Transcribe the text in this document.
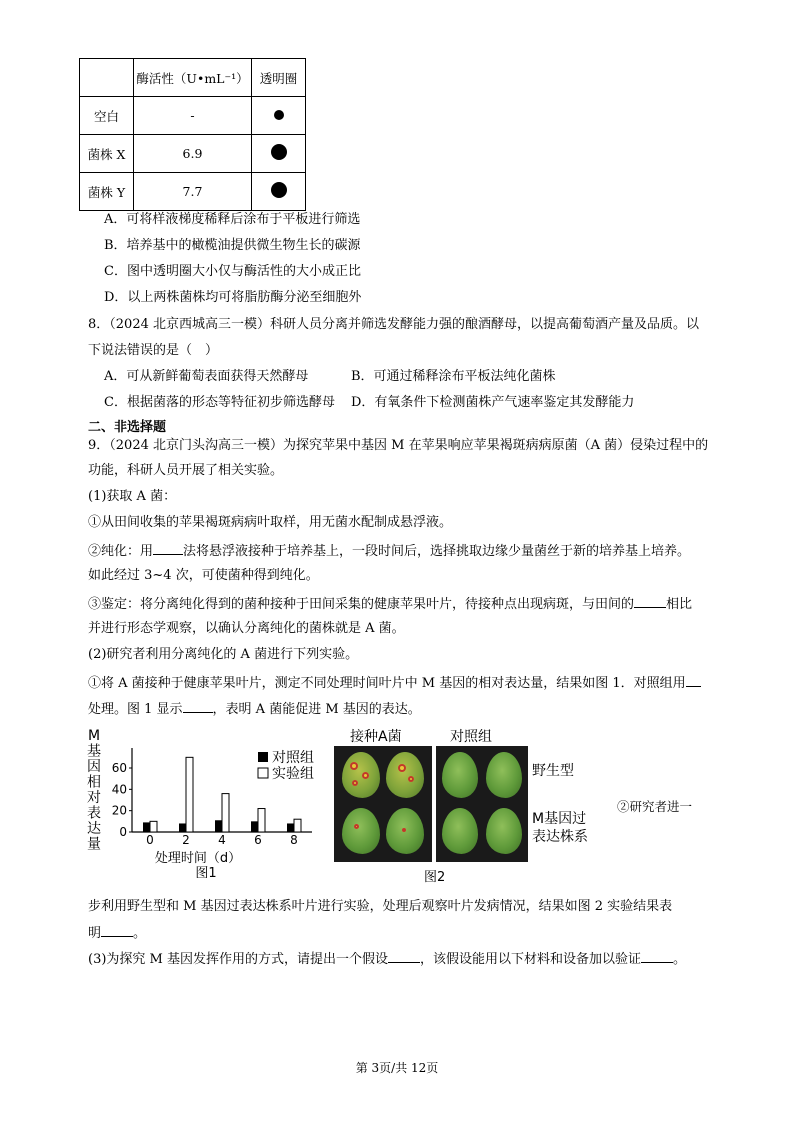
	酶活性（U•mL⁻¹）	透明圈
空白	-	
菌株 X	6.9	
菌株 Y	7.7	
A．可将样液梯度稀释后涂布于平板进行筛选
B．培养基中的橄榄油提供微生物生长的碳源
C．图中透明圈大小仅与酶活性的大小成正比
D．以上两株菌株均可将脂肪酶分泌至细胞外
8．（2024 北京西城高三一模）科研人员分离并筛选发酵能力强的酿酒酵母，以提高葡萄酒产量及品质。以
下说法错误的是（　）
A．可从新鲜葡萄表面获得天然酵母	B．可通过稀释涂布平板法纯化菌株
C．根据菌落的形态等特征初步筛选酵母 D．有氧条件下检测菌株产气速率鉴定其发酵能力
二、非选择题
9．（2024 北京门头沟高三一模）为探究苹果中基因 M 在苹果响应苹果褐斑病病原菌（A 菌）侵染过程中的
功能，科研人员开展了相关实验。
(1)获取 A 菌：
①从田间收集的苹果褐斑病病叶取样，用无菌水配制成悬浮液。
②纯化：用 法将悬浮液接种于培养基上，一段时间后，选择挑取边缘少量菌丝于新的培养基上培养。
如此经过 3~4 次，可使菌种得到纯化。
③鉴定：将分离纯化得到的菌种接种于田间采集的健康苹果叶片，待接种点出现病斑，与田间的 相比
并进行形态学观察，以确认分离纯化的菌株就是 A 菌。
(2)研究者利用分离纯化的 A 菌进行下列实验。
①将 A 菌接种于健康苹果叶片，测定不同处理时间叶片中 M 基因的相对表达量，结果如图 1．对照组用
处理。图 1 显示 ，表明 A 菌能促进 M 基因的表达。
M
基
因
相
对
表
达
量
0
20
40
60
0 2 4 6 8
对照组
实验组
处理时间（d）
图1
接种A菌	对照组
野生型
M基因过
表达株系
图2
②研究者进一
步利用野生型和 M 基因过表达株系叶片进行实验，处理后观察叶片发病情况，结果如图 2 实验结果表
明 。
(3)为探究 M 基因发挥作用的方式，请提出一个假设 ，该假设能用以下材料和设备加以验证 。
第 3页/共 12页
